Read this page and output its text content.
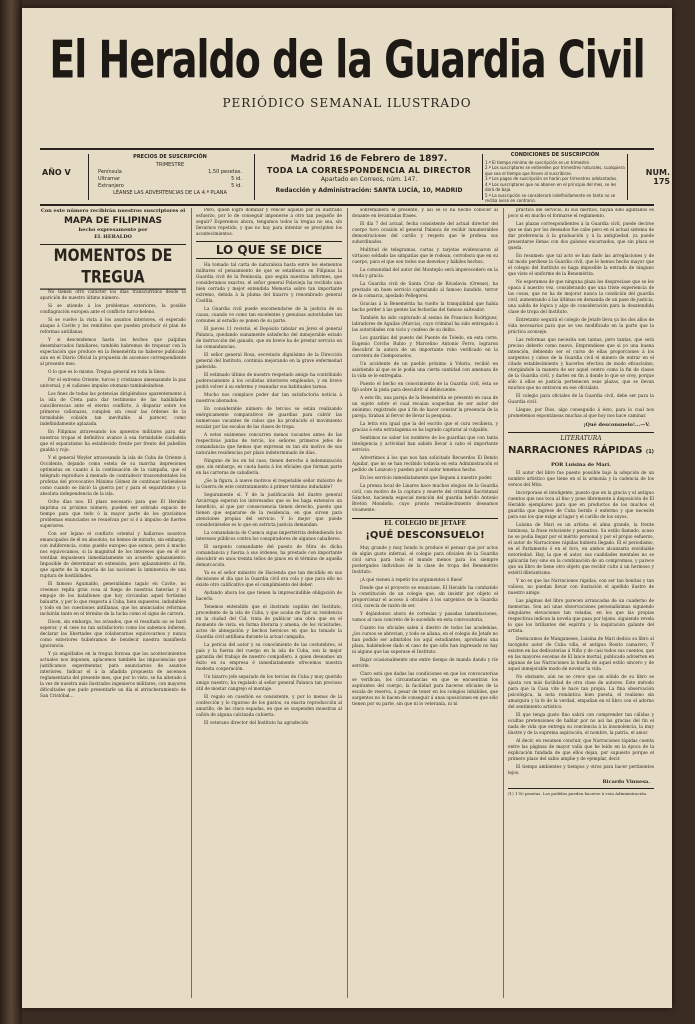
El Heraldo de la Guardia Civil
PERIÓDICO SEMANAL ILUSTRADO
AÑO V
PRECIOS DE SUSCRIPCIÓN
TRIMESTRE
Península	1,50 pesetas.
Ultramar	5 id.
Extranjero	5 id.
LÉANSE LAS ADVERTENCIAS DE LA 4.ª PLANA
Madrid 16 de Febrero de 1897.
TODA LA CORRESPONDENCIA AL DIRECTOR
Apartado en Correos, núm. 147.
Redacción y Administración: SANTA LUCÍA, 10, MADRID
CONDICIONES DE SUSCRIPCIÓN
1.ª El tiempo mínimo de suscripción es un trimestre.
2.ª Los suscriptores se entienden por trimestres naturales, cualquiera que sea el tiempo que lleven al suscribirse.
3.ª Los pagos de suscripción se harán por trimestres adelantados.
4.ª Los suscriptores que no abonen en el principio del mes, se les dará de baja.
5.ª La suscripción se considerará indefinidamente en tanto no se reciba aviso en contrario.
NUM. 175
Con este número recibirán nuestros suscriptores el
MAPA DE FILIPINAS
hecho expresamente por
EL HERALDO
MOMENTOS DE TREGUA

No tienen otro carácter los días transcurridos desde la aparición de nuestro último número.

Si se atiende á los problemas exteriores, la posible conflagración europea ante el conflicto turco-heleno.

Si se vuelve la vista á los asuntos interiores, el esperado ataque á Cavite y los remitidos que pueden producir el plan de reformas antillanas.

Y si descendemos hasta los hechos que palpitan desembarcados familiares, también habremos de tropezar con la expectación que produce en la Benemérita no haberse publicado aún en el Diario Oficial la propuesta de ascensos correspondiente al presente mes.

O lo que es lo mismo. Tregua general en toda la línea.

Por el extremo Oriente, turcos y cristianos amenazando la paz universal, y el cañoneo impulso otomano tambaleándose.

Los fines de todas las potencias dirigiéndose aparentemente á la isla de Creta para dar testimonio de las habilidades cancillerescas ante el eterno conflicto, á disparar sobre los primeros cañonazos, cumplen sin cesar las órdenes de la formidable colisión tan inevitable, al parecer, como indefinidamente aplazada.

En Filipinas atravesando los apuestos militares para dar nuestras tropas el definitivo avance á esa formidable ciudadela que el separatismo ha establecido frente por frente del pabellón gualda y rojo.

Y el general Weyler atravesando la isla de Cuba de Oriente á Occidente, dejando como estela de su marcha impresiones optimistas en cuanto á la continuación de la campaña, que el telégrafo reproduce á menudo de contradecir trascendentales los profetas del provocativo Máximo Gómez de continuar batiéndose como cuando se inició la guerra por y para el separatismo y la absoluta independencia de la isla.

Ocho días nos. El plazo necesario para que El Heraldo imprima su próximo número, pueden ser sobrado espacio de tiempo para que todo ó la mayor parte de los gravísimos problemas enunciados se resuelvan por sí ó á impulso de fuertes superiores.

Con ser lejano el conflicto oriental y hallarnos nosotros emancipados de él en absoluto, no hemos de mirarlo, sin embargo, con indiferencia, como pueblo europeo que somos, pero á mucho nos equivocamos, si la magnitud de los intereses que en él se ventilan impusiesen inmediatamente un acuerdo aplazamiento. Imposible de determinar en extensión, pero aplazamiento al fin, que aparte de la mayoría de las naciones la inminencia de una ruptura de hostilidades.

El famoso Aguinaldo, generalísimo tagalo en Cavite, no creemos repita gran cosa al fuego de nuestras baterías y el empuje de los batallones que hoy circundan aquel fortísimo baluarte, y por lo que respecta á Cuba, bien supuestos, indudables y todo en los cuestiones antillanas, que los anunciados reformas incluirán tanto en el término de la lucha como el signo de carrera.

Dicen, sin embargo, los avisados, que el resultado no se hará esperar, y el cese no tan satisfactorio como los sabemos infieren, declarar las libertades que colaborarnos equivocarnos y nunca como exteriores hubiéramos de bendecir nuestra manifiesta ignorancia.

Y ya engolfados en la tregua forzosa que los acontecimientos actuales nos imponen, aplacemos también las impaciencias que justificamos experimentar, para anunciarnos de asuntos interiores. Indicar el á la añadida propuesta de ascensos reglamentaria del presente mes, que por lo visto, se ha alterado á la vez de nuestra más ilustrados ingenieros militares, con mayores dificultades que pudo presentarle un día el atrincheramiento de San Cristóbal...

Pero, quien logró dominar y vencer aquello por su ilustrado esfuerzo, por lo de conseguir imponerse á otro tan pequeño de seguir? Esperemos ahora, tengamos todos la tregua no sea, sin llevarnos repetido, y que no hay para intentar se precipiten los acontecimientos.

LO QUE SE DICE

Ha tomado tal carta de naturaleza hasta entre los elementos militares el pensamiento de que se establezca en Filipinas la Guardia civil de la Península, que según nuestras informes, que consideramos exactos, el señor general Polavieja ha recibido una bien cerrada y mejor extendida Memoria sobre tan importante extremo, debida á la pluma del bizarro y renombrado general Castilla.

La Guardia civil puede encomendarse de la justicia de su causa, cuando ve como tan excelentes y genuinas autoridades tan comunes al estudio se ponen de su parte.

El jueves 11 revistió, el Depósito tabular en Jerez el general Palanca, quedando sumamente satisfecho del inmejorable estado de instrucción del ganado, que en breve ha de prestar servicio en las comandancias.

El señor general Rosa, secretario digniísimo de la Dirección general del Instituto, continúa mejorando en la grave enfermedad padecida.

El estimado último de nuestro respetado amigo ha contribuido poderosamente á los oculistas interiores empleados, y en breve podrá volver á su enfermo y reanudar sus habituales tareas.

Mucho nos complace poder dar tan satisfactoria noticia á nuestros abonados.

En considerable número de tercios se están realizando enérgicamente comparativos de guardias para cubrir las numerosas vacantes de cabos que ha producido el movimiento escalar por las escalas de las clases de tropa.

A estos exámenes concurren menos vacantes antes de las respectivas juntas de tercio, los señores primeros jefes de comandancia que hemos que expresan su tan sin motivo de sus naturales residencias por plazo indeterminado de días.

Ninguno de los en tal caso, tienen derecho á indemnización que, sin embargo, es cuota hasta á los oficiales que forman parte en las carreras de caballería.

¿Se la figura, á nueve motivos el respetable señor ministro de la Guerra de este contratamiento á primer término indudable?

Seguramente sí. Y de la justificación del ilustre general Azcárraga esperan los interesados que se les haga extensivo un beneficio, al que por consecuencia tienen derecho, puesto que tienen que separarse de la residencia, en que sirven para atenciones propias del servicio. Y lo mejor que puede considerárseles es lo que en estricta justicia demandan.

La comandancia de Cuenca sigue impertérrita defendiendo los intereses públicos contra los conspiradores de algunos caballeros.

El sargento comandante del puesto de Mira de dicha comandancia y fuerza á sus órdenes, ha prestado con importante descubrir en unos treinta teños de pinos en el término de aquella demarcación.

Ya es el señor ministro de Hacienda que tan decidido en sus decisiones el día que la Guardia civil era cola y que para ello no existe otro calificativo que el cumplimiento del deber.

Aydando ahora los que tienen la imprescindible obligación de hacerlo.

Tenemos entendido que el ilustrado capitán del Instituto, procedente de la isla de Cuba, y que acaba de fijar su residencia en la ciudad del Cid, trata de publicar una obra que en el momento de vista, en forma literaria y amena, de los vicisitudes, actos de abnegación y hechos heroicos en que ha tomado la Guardia civil antillana durante la actual campaña.

La pericia del autor y su conocimiento de las costumbres, el país y la fuerza del cuerpo en la isla de Cuba, son la mejor garantía del trabajo de nuestro compañero, á quien deseamos un éxito en su empresa é inmediatamente ofrecemos nuestra modesta cooperación.

Un bizarro jefe separado de los tercios de Cuba y muy querido amigo nuestro, ha regalado al señor general Palanca tan precioso útil de mostar cangrejo el montaje.

El regalo en cuestión es consistente, y por lo menos de la confección y lo riguroso de los gustos, su exacta reproducción al amarillo, de las cinco espadas, en que se suspenden muestras al cañón de alguna calcinada cubierta.

El veterano director del Instituto ha agradecido

sobremanera el presente, y así se lo ha hecho conocer al donante en levantadas frases.

El día 7 del actual, fecha consistente del actual director del cuerpo tuvo ocasión el general Palanca de recibir innumerables demostraciones del cariño y respeto que le profesa sus subordinados.

Multitud de telegramas, cartas y tarjetas evidenciaron al virtuoso soldado las simpatías que le rodean, corrobora que en su cuerpo, para el que son todos sus desvelos y hábiles hechos.

La comunidad del autor del Monteplo será imperecedero en la viuda y gracia.

La Guardia civil de Santa Cruz de Rivadavia (Orense), ha prestado un buen servicio capturando al famoso bandido, terror de la comarca, apodado Peñegorei.

Gracias á la Benemérita ha vuelto la tranquilidad que había hecho perder á las gentes las fechorías del famoso salteador.

También ha sido capturado al sesino de Francisco Rodríguez, labradores de Aguilas (Murcia), cuyo criminal ha sido entregado á las autoridades con vicio y confeso de su delito.

Los guardias del puesto del Puente de Toledo, en esta corte, Eugenio Corcho Rubio y Marcelino Antonio Ferro, lograron descubrir la autora de un importante robo verificado en la carretera de Ciempozuelos.

Un accidente de un pueblo próximo á Vitoria, recibió en asistiendo al que se le podía una cierta cantidad con amenaza de la vida se le entregaba.

Puesto el hecho en conocimiento de la Guardia civil, ésta se fijó sobre la pista para descubrir al delincuente.

A este fin, una pareja de la Benemérita se presentó en casa de un sujeto sobre el cual recaían sospechas de ser autor del anónimo, registrado que á fin de hacer constar la presencia de la pareja, tiraban al fervor de llevar la pesquisa.

La letra era igual que la del escrito que el cura recibiera, y gracias á esta estratagema se ha logrado capturar al culpable.

Sentimos no saber los nombres de los guardias que con tanta inteligencia y actividad han sabido llevar á cabo el importante servicio.

Advertimos á los que nos han solicitado Recuerdos El Benito Aguilar, que no se han recibido todavía en esta Administración el pedido de Lonzozo y pueden por el autor tenemos hecho.

En los servicio inmediatamente que lleguen á nuestro poder.

La prensa local de Linares hace muchos elogios de la Guardia civil, con motivo de la captura y muerte del criminal Sacristanal Sánchez, hacienda especial mención del guardia herido Antonio Bretón Mondoño, cuyo pronto restablecimiento deseamos vivamente.

EL COLEGIO DE JETAFE
¡QUÉ DESCONSUELO!

Muy grande y muy hondo lo produce el pensar que por actos de algún gusto infernal, el colegio para oficiales de la Guardia civil sirva para todo el mundo menos para los siempre postergados individuos de la clase de tropa del Benemérito Instituto.

¡A qué vienen á repetir los argumentos ó fines!

Desde que el proyecto se enunciase, El Heraldo ha combatido la constitución de un colegio que, sin insistir por objeto el proporcionar el acceso á oficiales á los sargentos de la Guardia civil, carecía de razón de ser.

Y dejándonos ahora de cortesías y pasadas lamentaciones, vamos al caso concreto de lo sucedido en esta convocatoria.

Cuanto los oficiales salen á diestro de todos las academias, ¿los cursos se abrevian, y todo se allana, en el colegio de Jetafe no han podido ser admitidos los aquí estudiantes, aprobados una plaza, habiéndose dado el caso de que sólo han ingresado no hay ni alguno que las superase el Instituto.

Bajar ocasionalmente uno entre tiempo de manda dando y ríe servirle.

Claro está que dadas las condiciones en que los convocatorias se verifican, los circunstancias en que se encuentran los aspirantes del cuerpo, la facilidad para hacerse oficiales de la escala de reserva, á pesar de tener en los colegios inhábiles, que sargentos no lo hacen de conseguir á unas oposiciones en que sólo tienen por su parte, sin que ni lo veteranía, ni ni

práctica del servicio, ni sus méritos, hayan sido agilitados es poco si en mucho el formarse el reglamento.

Las plazas correspondientes á la Guardia civil, puede decirse que se dan por los deseados fue cabe pero en el actual sistema de dar preferencia á la graduación y á la antigüedad, ya puede presentarse llenas con dos galones encarnados, que sin plaza se queda.

En resumen: que tal acto se han dado las arreglaciones y de tal modo perdiese la Guardia civil, que le hemos hecho mayor que el colegio del Instituto se haga imposible la entrada de ninguno que viste el uniforme de la Benemérita.

No esperamos de que ninguna plaza les despreciase que se les opaca á nuestro vez, considerando que una triste experiencia de las cosas, que no ha de mejorar nunca la condición del guardia civil, aumentando á las últimas en demanda de un pase de justicia, una salida de lógica y algo de consideración para la desatendida clase de tropa del Instituto.

Entretanto seguirá el colegio de Jetafe lleva ya los dos años de vida necesarios para que se vea modificado en la parte que la práctica aconseje.

Las reformas que necesita son tantas, pero tantas, que será preciso deberlo como nuevo. Emprendiese que si yo una buena intención, debiendo ser el curso de ellas proporciones á los sargentos y cabos de la Guardia civil el minero de entrar en el citado establecimiento y hacerles efectiva de modo eficacísimo, otorgándole la manera de ser aquel centro como la fin de clases de la Guardia civil, y darles en fin á donde lo que se crey, porque sólo á ellos se justicia pertenecen esas plazas, que se llevan muchos que no entraron en ese oficialato.

El colegio para oficiales de la Guardia civil, debe ser para la Guardia civil.

Llegue, por Dios, algo conseguido á ésto, para lo cual nos prometemos espontáneas muchas al que hoy nos hace caminar.

¡Qué desconsuelo!...—V.
LITERATURA
NARRACIONES RÁPIDAS (1)
POR Luisina de Mari.

El autor del libro fue puesto possible bajo la adopción de un nombre artístico que tiene en sí la armonía y la cadencia de los versos del Mito.

Incorporase el inteligente, puesto que en la gracia y el antiguo cuentos que nos toca al fino y pone libremente á disposición de El Heraldo ejemplares para que en productos de los muchos el guardia que ingrese de Cuba herido ó enfermo y que necesite para sus los que exige al lugar y el cariño de los suyos.

Luisina de Mari es un artista: el alma grande, la frente luminosa, la frase reluciente y pensativa. Su estilo llamado, acaso no se podía llegar por el mérito personal y por el propio esfuerzo, el autor de Narraciones rápidas hubiera llegado. Él el periodismo, en el Parlamento ó en el foro, en ambos alcanzaría envidiable notoriedad. Hay, la que el autor, sus cualidades mentales no se aplicarán hoy sino en la combinación de un compromiso, y parece que un libro de tiene otro objeto que recibir culto á un hermoso y estéril diletantismo.

Y no es que las Narraciones rápidas, con ser tan bonitas y tan valioso, no puedan llevar con ilustación el apellido ilustre de nuestro amigo.

Las páginas del libro parecen arrancadas de un cuaderno de memorias. Son así unas observaciones personalísimas siguiendo singulares elevaciones tan veladas, en los que las propias respectivas indican la novela que pasa por lejano, siguiendo revela lo que los brillantes del espíritu y la inspiración galante del artista.

Destacamos de Manganeses, Luisina de Mari dedica su libro al incógnito autor de Cuba villa, el antiguo Rosito camarero, Y existen en las dedicatorias á Niño y de casi todos sus cuentos, que en las mayores escenas de El lance mortal, publicado advierten en algunas de las Narraciones la huella de aquel estilo sincero y de aquel inmejorable modo de novelar la vida.

No obstante, aún no se crece que un sólido de su libro se ajusta con más facilidad de otra clase de autores. Este método para que la Casa vite le hace tan propia. La fina observación psicológica, la nota romántica bien puesta, el realismo sin amargura y la fe de la verdad, empañan en el libro con el adorno del sentimiento artístico.

El que tenga gusto fino sabrá con comprender tan cálidas y ocultas pretensiones de hablar por no así las gracias del fin el nada de vida que entrega su conciencia á la insonolencia, la muy ilustre y de la suprema aspiración, el nombre, la patria, el amor.

Al decir, en resumen concluir, que Narraciones rápidas cuenta entre las páginas de mayor valía que he leído en la época de la explicación fundada de que ellos dejan, por supuesto porque el primero plazo del sabio amplie y de ejemplar, decir.

El tiempo ambientes y tiempos y otros para hacer pertinentes lejos.

Ricardo Vinuesa.
(1) 1'50 pesetas. Los pedidos pueden hacerse á esta Administración.
